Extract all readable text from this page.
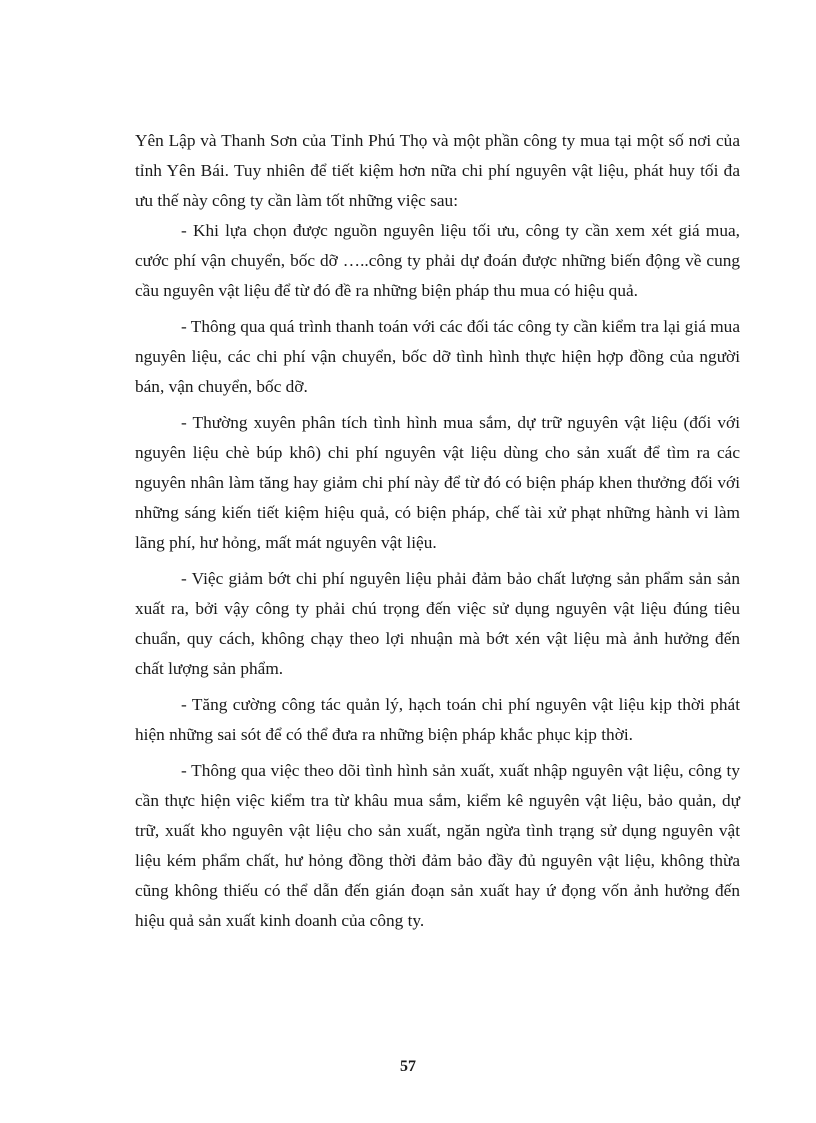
Yên Lập và Thanh Sơn của Tỉnh Phú Thọ và một phần công ty mua tại một số nơi của tỉnh Yên Bái. Tuy nhiên để tiết kiệm hơn nữa chi phí nguyên vật liệu, phát huy tối đa ưu thế này công ty cần làm tốt những việc sau:

- Khi lựa chọn được nguồn nguyên liệu tối ưu, công ty cần xem xét giá mua, cước phí vận chuyển, bốc dỡ …..công ty phải dự đoán được những biến động về cung cầu nguyên vật liệu để từ đó đề ra những biện pháp thu mua có hiệu quả.

- Thông qua quá trình thanh toán với các đối tác công ty cần kiểm tra lại giá mua nguyên liệu, các chi phí vận chuyển, bốc dỡ tình hình thực hiện hợp đồng của người bán, vận chuyển, bốc dỡ.

- Thường xuyên phân tích tình hình mua sắm, dự trữ nguyên vật liệu (đối với nguyên liệu chè búp khô) chi phí nguyên vật liệu dùng cho sản xuất để tìm ra các nguyên nhân làm tăng hay giảm chi phí này để từ đó có biện pháp khen thưởng đối với những sáng kiến tiết kiệm hiệu quả, có biện pháp, chế tài xử phạt những hành vi làm lãng phí, hư hỏng, mất mát nguyên vật liệu.

- Việc giảm bớt chi phí nguyên liệu phải đảm bảo chất lượng sản phẩm sản sản xuất ra, bởi vậy công ty phải chú trọng đến việc sử dụng nguyên vật liệu đúng tiêu chuẩn, quy cách, không chạy theo lợi nhuận mà bớt xén vật liệu mà ảnh hưởng đến chất lượng sản phẩm.

- Tăng cường công tác quản lý, hạch toán chi phí nguyên vật liệu kịp thời phát hiện những sai sót để có thể đưa ra những biện pháp khắc phục kịp thời.

- Thông qua việc theo dõi tình hình sản xuất, xuất nhập nguyên vật liệu, công ty cần thực hiện việc kiểm tra từ khâu mua sắm, kiểm kê nguyên vật liệu, bảo quản, dự trữ, xuất kho nguyên vật liệu cho sản xuất, ngăn ngừa tình trạng sử dụng nguyên vật liệu kém phẩm chất, hư hỏng đồng thời đảm bảo đầy đủ nguyên vật liệu, không thừa cũng không thiếu có thể dẫn đến gián đoạn sản xuất hay ứ đọng vốn ảnh hưởng đến hiệu quả sản xuất kinh doanh của công ty.

57
